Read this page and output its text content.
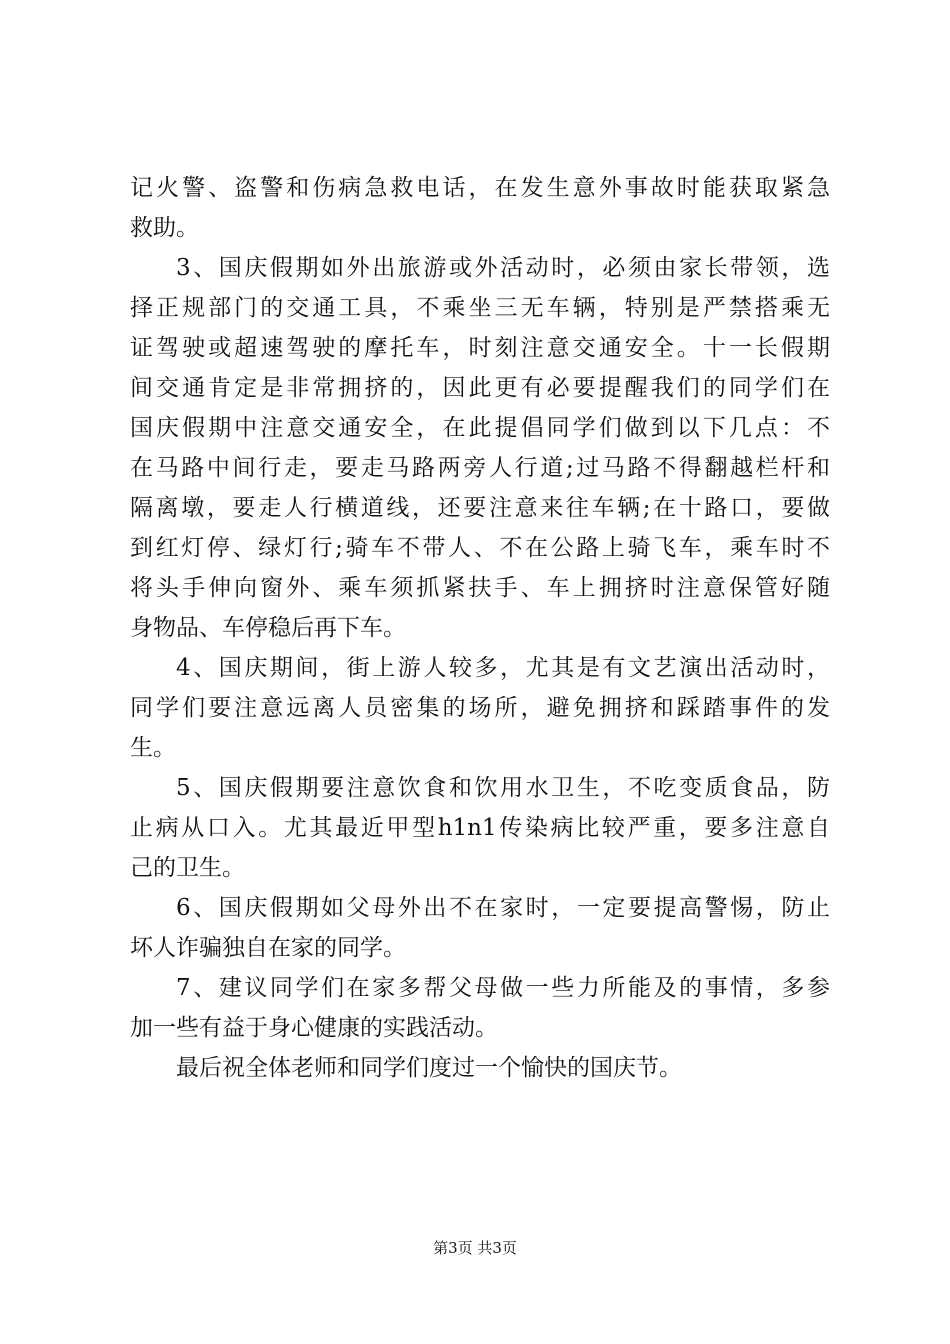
记火警、盗警和伤病急救电话，在发生意外事故时能获取紧急
救助。
3、国庆假期如外出旅游或外活动时，必须由家长带领，选
择正规部门的交通工具，不乘坐三无车辆，特别是严禁搭乘无
证驾驶或超速驾驶的摩托车，时刻注意交通安全。十一长假期
间交通肯定是非常拥挤的，因此更有必要提醒我们的同学们在
国庆假期中注意交通安全，在此提倡同学们做到以下几点：不
在马路中间行走，要走马路两旁人行道;过马路不得翻越栏杆和
隔离墩，要走人行横道线，还要注意来往车辆;在十路口，要做
到红灯停、绿灯行;骑车不带人、不在公路上骑飞车，乘车时不
将头手伸向窗外、乘车须抓紧扶手、车上拥挤时注意保管好随
身物品、车停稳后再下车。
4、国庆期间，街上游人较多，尤其是有文艺演出活动时，
同学们要注意远离人员密集的场所，避免拥挤和踩踏事件的发
生。
5、国庆假期要注意饮食和饮用水卫生，不吃变质食品，防
止病从口入。尤其最近甲型h1n1传染病比较严重，要多注意自
己的卫生。
6、国庆假期如父母外出不在家时，一定要提高警惕，防止
坏人诈骗独自在家的同学。
7、建议同学们在家多帮父母做一些力所能及的事情，多参
加一些有益于身心健康的实践活动。
最后祝全体老师和同学们度过一个愉快的国庆节。
第3页 共3页
